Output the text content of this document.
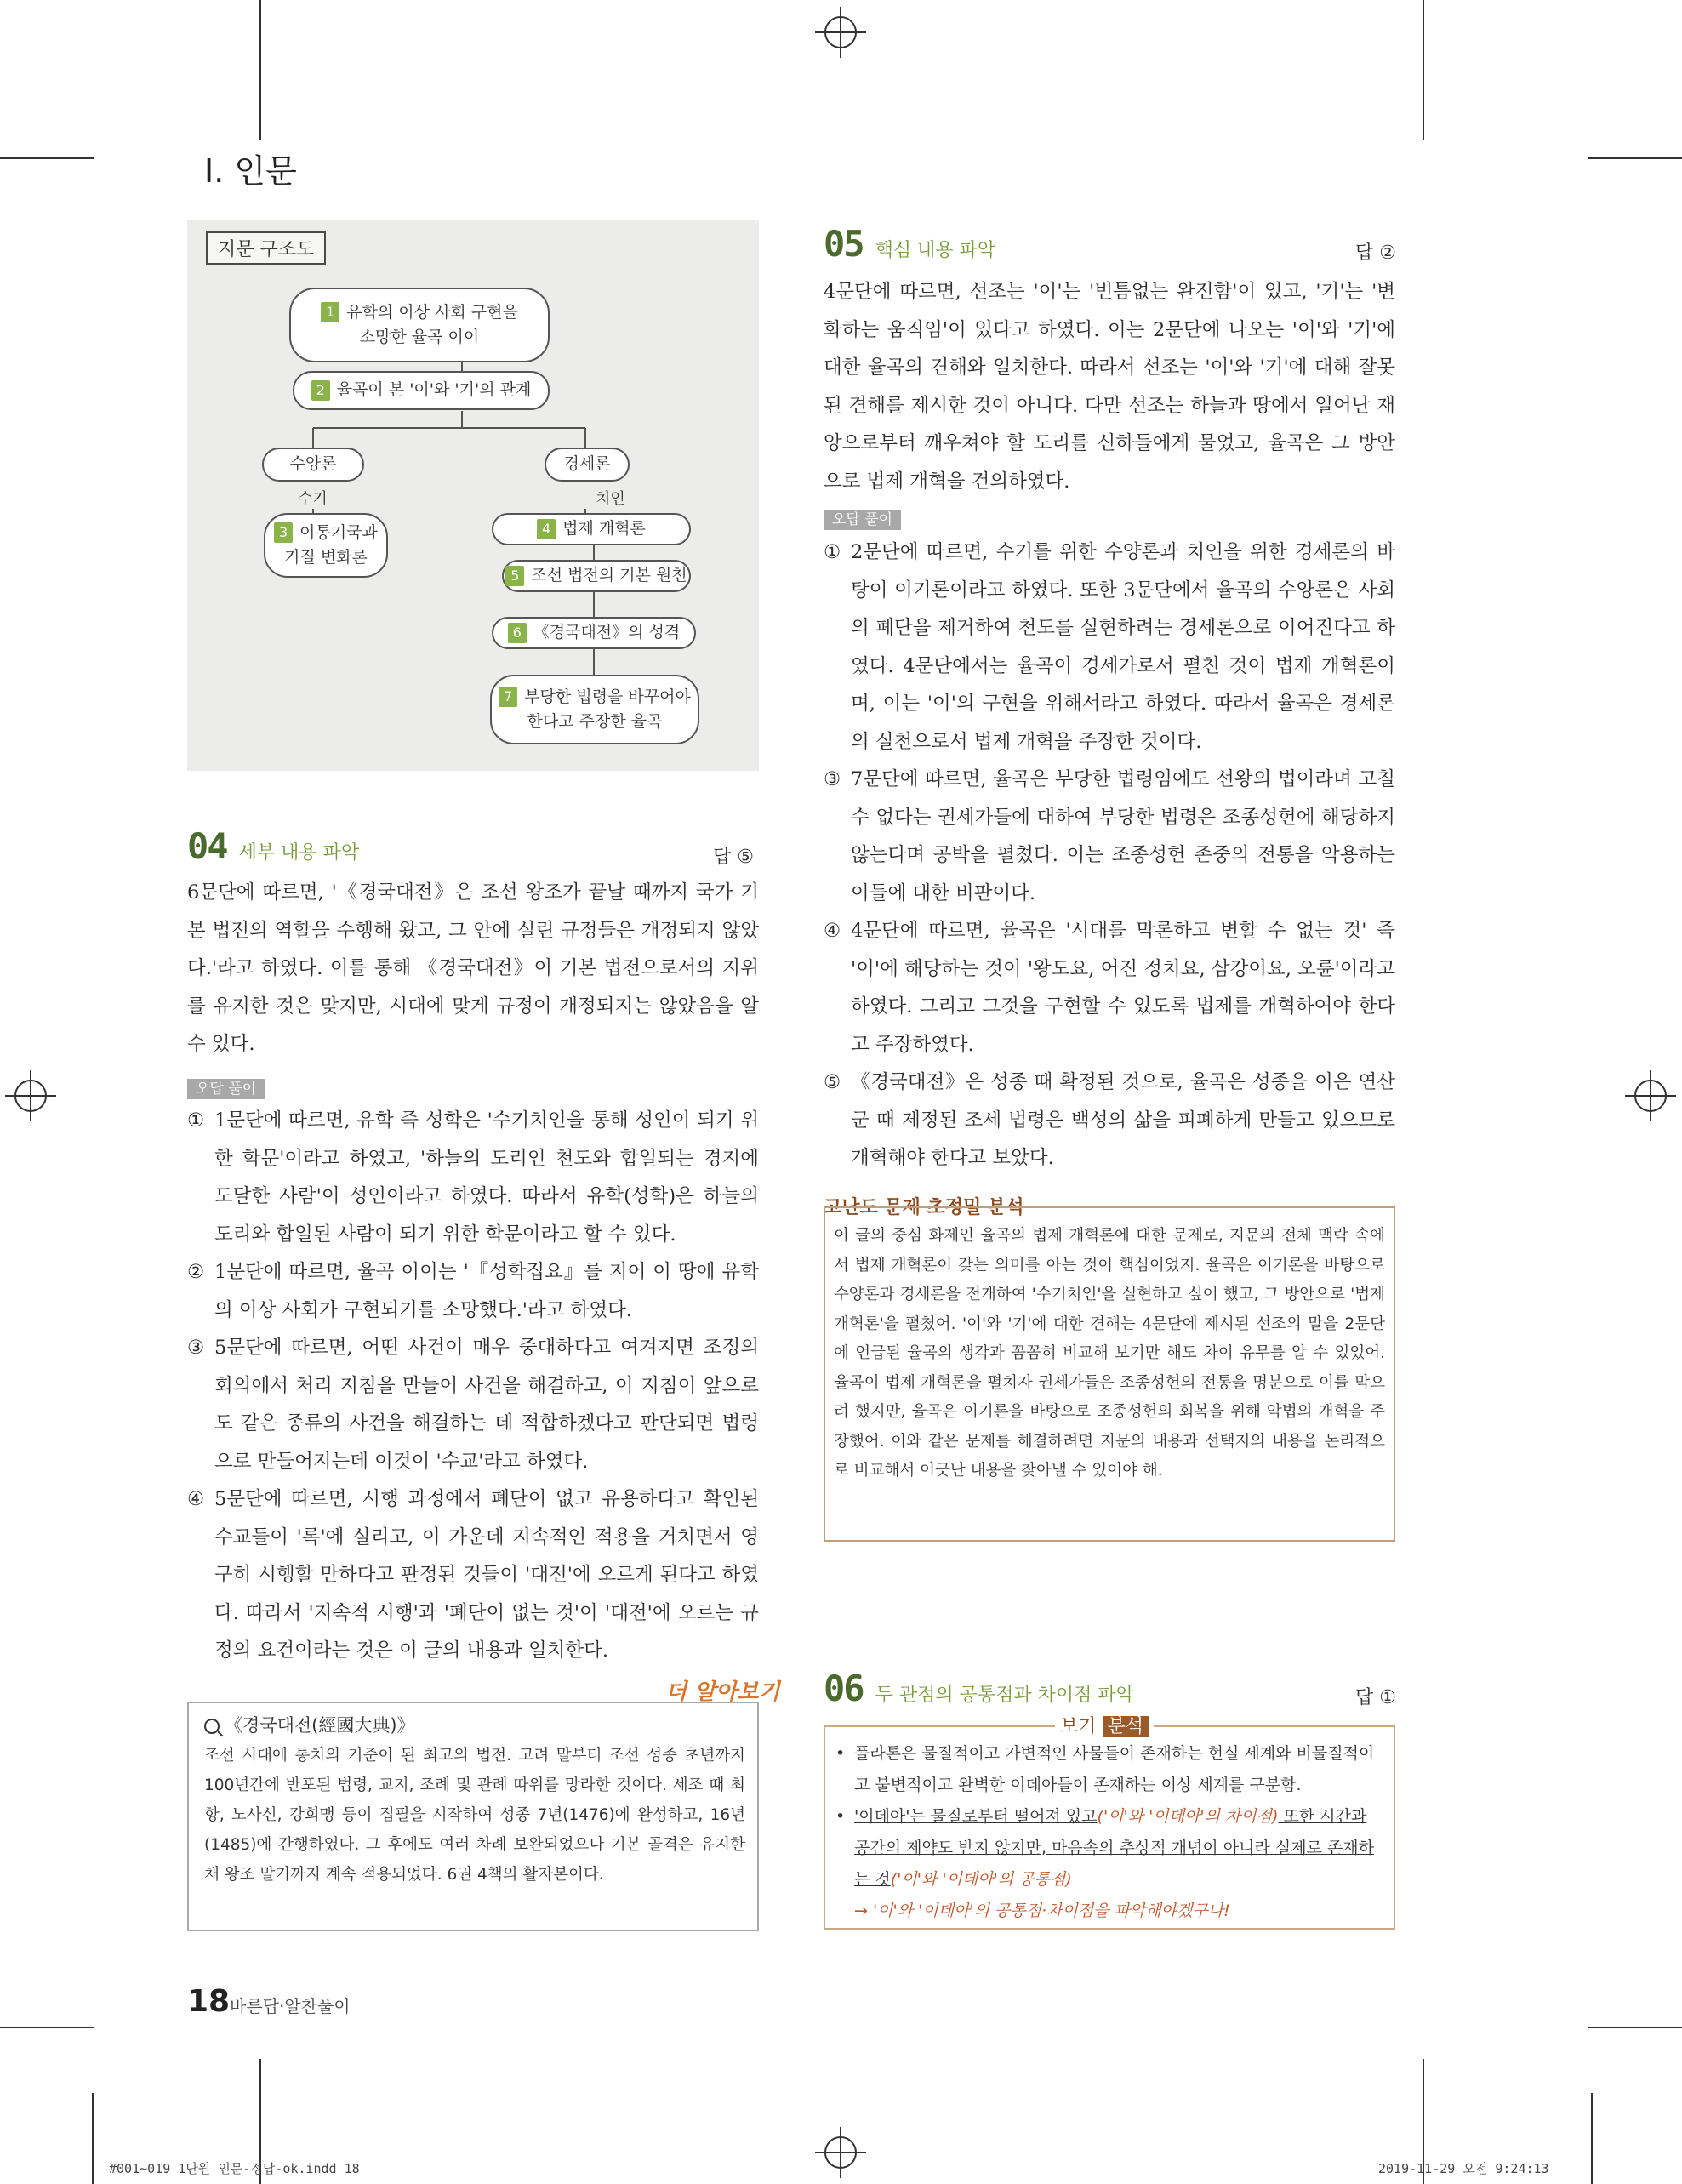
Ⅰ. 인문
지문 구조도
1 유학의 이상 사회 구현을
소망한 율곡 이이
2 율곡이 본 '이'와 '기'의 관계
수양론
수기
경세론
치인
3 이통기국과
기질 변화론
4 법제 개혁론
5 조선 법전의 기본 원천
6 《경국대전》의 성격
7 부당한 법령을 바꾸어야
한다고 주장한 율곡
04 세부 내용 파악	답 ⑤
6문단에 따르면, '《경국대전》은 조선 왕조가 끝날 때까지 국가 기본 법전의 역할을 수행해 왔고, 그 안에 실린 규정들은 개정되지 않았다.'라고 하였다. 이를 통해 《경국대전》이 기본 법전으로서의 지위를 유지한 것은 맞지만, 시대에 맞게 규정이 개정되지는 않았음을 알 수 있다.
오답 풀이
① 1문단에 따르면, 유학 즉 성학은 '수기치인을 통해 성인이 되기 위한 학문'이라고 하였고, '하늘의 도리인 천도와 합일되는 경지에 도달한 사람'이 성인이라고 하였다. 따라서 유학(성학)은 하늘의 도리와 합일된 사람이 되기 위한 학문이라고 할 수 있다.
② 1문단에 따르면, 율곡 이이는 '『성학집요』를 지어 이 땅에 유학의 이상 사회가 구현되기를 소망했다.'라고 하였다.
③ 5문단에 따르면, 어떤 사건이 매우 중대하다고 여겨지면 조정의 회의에서 처리 지침을 만들어 사건을 해결하고, 이 지침이 앞으로도 같은 종류의 사건을 해결하는 데 적합하겠다고 판단되면 법령으로 만들어지는데 이것이 '수교'라고 하였다.
④ 5문단에 따르면, 시행 과정에서 폐단이 없고 유용하다고 확인된 수교들이 '록'에 실리고, 이 가운데 지속적인 적용을 거치면서 영구히 시행할 만하다고 판정된 것들이 '대전'에 오르게 된다고 하였다. 따라서 '지속적 시행'과 '폐단이 없는 것'이 '대전'에 오르는 규정의 요건이라는 것은 이 글의 내용과 일치한다.
더 알아보기
《경국대전(經國大典)》
조선 시대에 통치의 기준이 된 최고의 법전. 고려 말부터 조선 성종 초년까지 100년간에 반포된 법령, 교지, 조례 및 관례 따위를 망라한 것이다. 세조 때 최항, 노사신, 강희맹 등이 집필을 시작하여 성종 7년(1476)에 완성하고, 16년(1485)에 간행하였다. 그 후에도 여러 차례 보완되었으나 기본 골격은 유지한 채 왕조 말기까지 계속 적용되었다. 6권 4책의 활자본이다.
05 핵심 내용 파악	답 ②
4문단에 따르면, 선조는 '이'는 '빈틈없는 완전함'이 있고, '기'는 '변화하는 움직임'이 있다고 하였다. 이는 2문단에 나오는 '이'와 '기'에 대한 율곡의 견해와 일치한다. 따라서 선조는 '이'와 '기'에 대해 잘못된 견해를 제시한 것이 아니다. 다만 선조는 하늘과 땅에서 일어난 재앙으로부터 깨우쳐야 할 도리를 신하들에게 물었고, 율곡은 그 방안으로 법제 개혁을 건의하였다.
오답 풀이
① 2문단에 따르면, 수기를 위한 수양론과 치인을 위한 경세론의 바탕이 이기론이라고 하였다. 또한 3문단에서 율곡의 수양론은 사회의 폐단을 제거하여 천도를 실현하려는 경세론으로 이어진다고 하였다. 4문단에서는 율곡이 경세가로서 펼친 것이 법제 개혁론이며, 이는 '이'의 구현을 위해서라고 하였다. 따라서 율곡은 경세론의 실천으로서 법제 개혁을 주장한 것이다.
③ 7문단에 따르면, 율곡은 부당한 법령임에도 선왕의 법이라며 고칠 수 없다는 권세가들에 대하여 부당한 법령은 조종성헌에 해당하지 않는다며 공박을 펼쳤다. 이는 조종성헌 존중의 전통을 악용하는 이들에 대한 비판이다.
④ 4문단에 따르면, 율곡은 '시대를 막론하고 변할 수 없는 것' 즉 '이'에 해당하는 것이 '왕도요, 어진 정치요, 삼강이요, 오륜'이라고 하였다. 그리고 그것을 구현할 수 있도록 법제를 개혁하여야 한다고 주장하였다.
⑤ 《경국대전》은 성종 때 확정된 것으로, 율곡은 성종을 이은 연산군 때 제정된 조세 법령은 백성의 삶을 피폐하게 만들고 있으므로 개혁해야 한다고 보았다.
고난도 문제 초정밀 분석
이 글의 중심 화제인 율곡의 법제 개혁론에 대한 문제로, 지문의 전체 맥락 속에서 법제 개혁론이 갖는 의미를 아는 것이 핵심이었지. 율곡은 이기론을 바탕으로 수양론과 경세론을 전개하여 '수기치인'을 실현하고 싶어 했고, 그 방안으로 '법제 개혁론'을 펼쳤어. '이'와 '기'에 대한 견해는 4문단에 제시된 선조의 말을 2문단에 언급된 율곡의 생각과 꼼꼼히 비교해 보기만 해도 차이 유무를 알 수 있었어. 율곡이 법제 개혁론을 펼치자 권세가들은 조종성헌의 전통을 명분으로 이를 막으려 했지만, 율곡은 이기론을 바탕으로 조종성헌의 회복을 위해 악법의 개혁을 주장했어. 이와 같은 문제를 해결하려면 지문의 내용과 선택지의 내용을 논리적으로 비교해서 어긋난 내용을 찾아낼 수 있어야 해.
06 두 관점의 공통점과 차이점 파악	답 ①
보기 분석
• 플라톤은 물질적이고 가변적인 사물들이 존재하는 현실 세계와 비물질적이고 불변적이고 완벽한 이데아들이 존재하는 이상 세계를 구분함.
• '이데아'는 물질로부터 떨어져 있고('이'와 '이데아'의 차이점) 또한 시간과 공간의 제약도 받지 않지만, 마음속의 추상적 개념이 아니라 실제로 존재하는 것('이'와 '이데아'의 공통점)
→ '이'와 '이데아'의 공통점·차이점을 파악해야겠구나!
18 바른답·알찬풀이
#001~019 1단원 인문-정답-ok.indd 18	2019-11-29 오전 9:24:13
